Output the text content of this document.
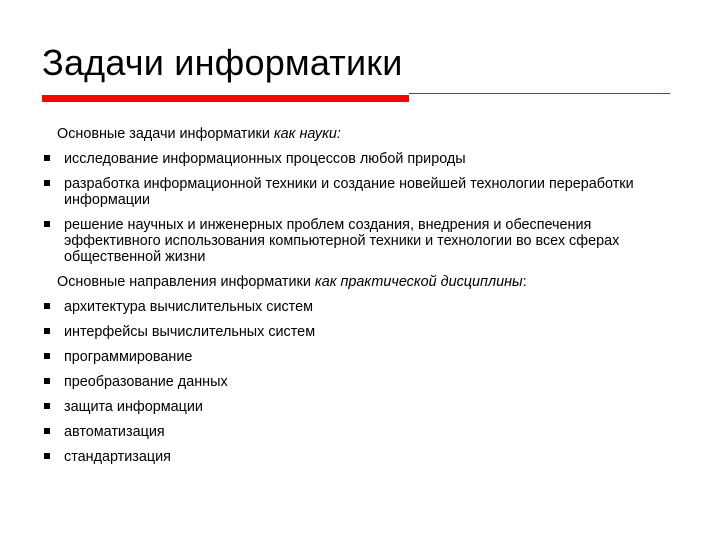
Задачи информатики
Основные задачи информатики как науки:
исследование информационных процессов любой природы
разработка информационной техники и создание новейшей технологии переработки информации
решение научных и инженерных проблем создания, внедрения и обеспечения эффективного использования компьютерной техники и технологии во всех сферах общественной жизни
Основные направления информатики как практической дисциплины:
архитектура вычислительных систем
интерфейсы вычислительных систем
программирование
преобразование данных
защита информации
автоматизация
стандартизация
